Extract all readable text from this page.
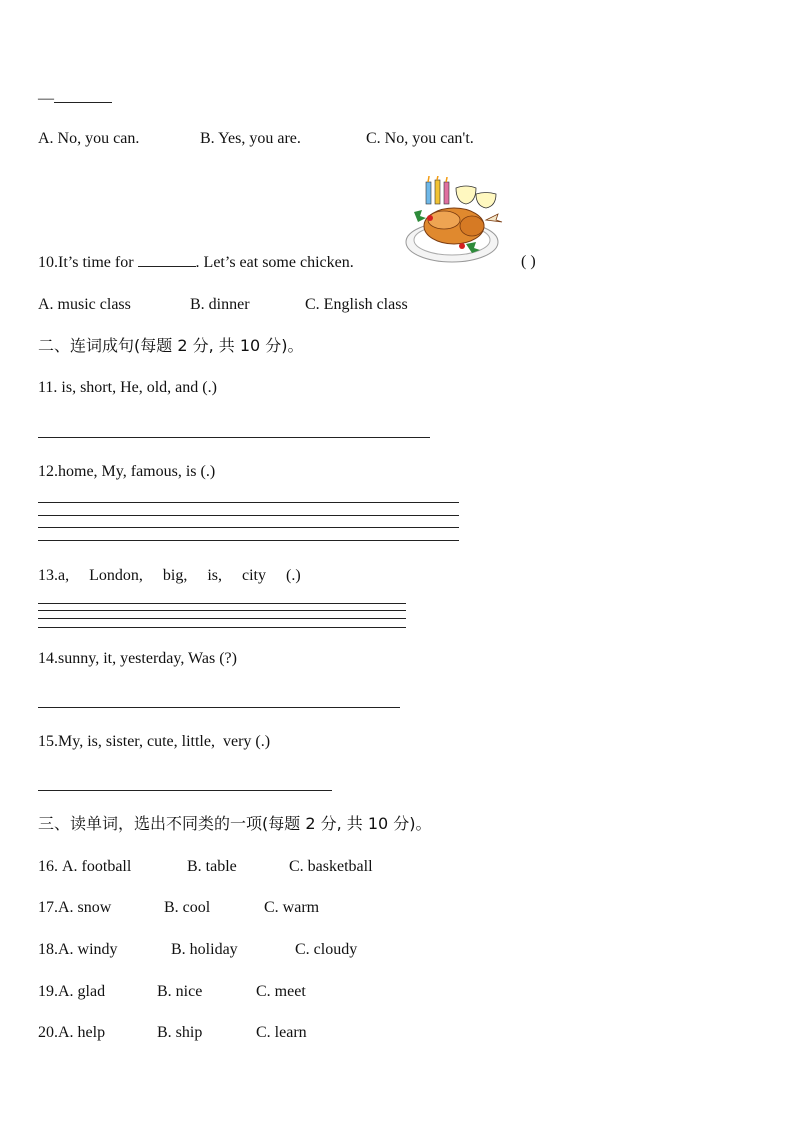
—
A. No, you can.	B. Yes, you are.	C. No, you can't.
10.It’s time for	. Let’s eat some chicken.	( )
A. music class	B. dinner	C. English class
二、连词成句(每题 2 分, 共 10 分)。
11. is, short, He, old, and (.)
12.home, My, famous, is (.)
13.a,     London,     big,     is,     city     (.)
14.sunny, it, yesterday, Was (?)
15.My, is, sister, cute, little,  very (.)
三、读单词，选出不同类的一项(每题 2 分, 共 10 分)。
16. A. football	B. table	C. basketball
17.A. snow	B. cool	C. warm
18.A. windy	B. holiday	C. cloudy
19.A. glad	B. nice	C. meet
20.A. help	B. ship	C. learn
